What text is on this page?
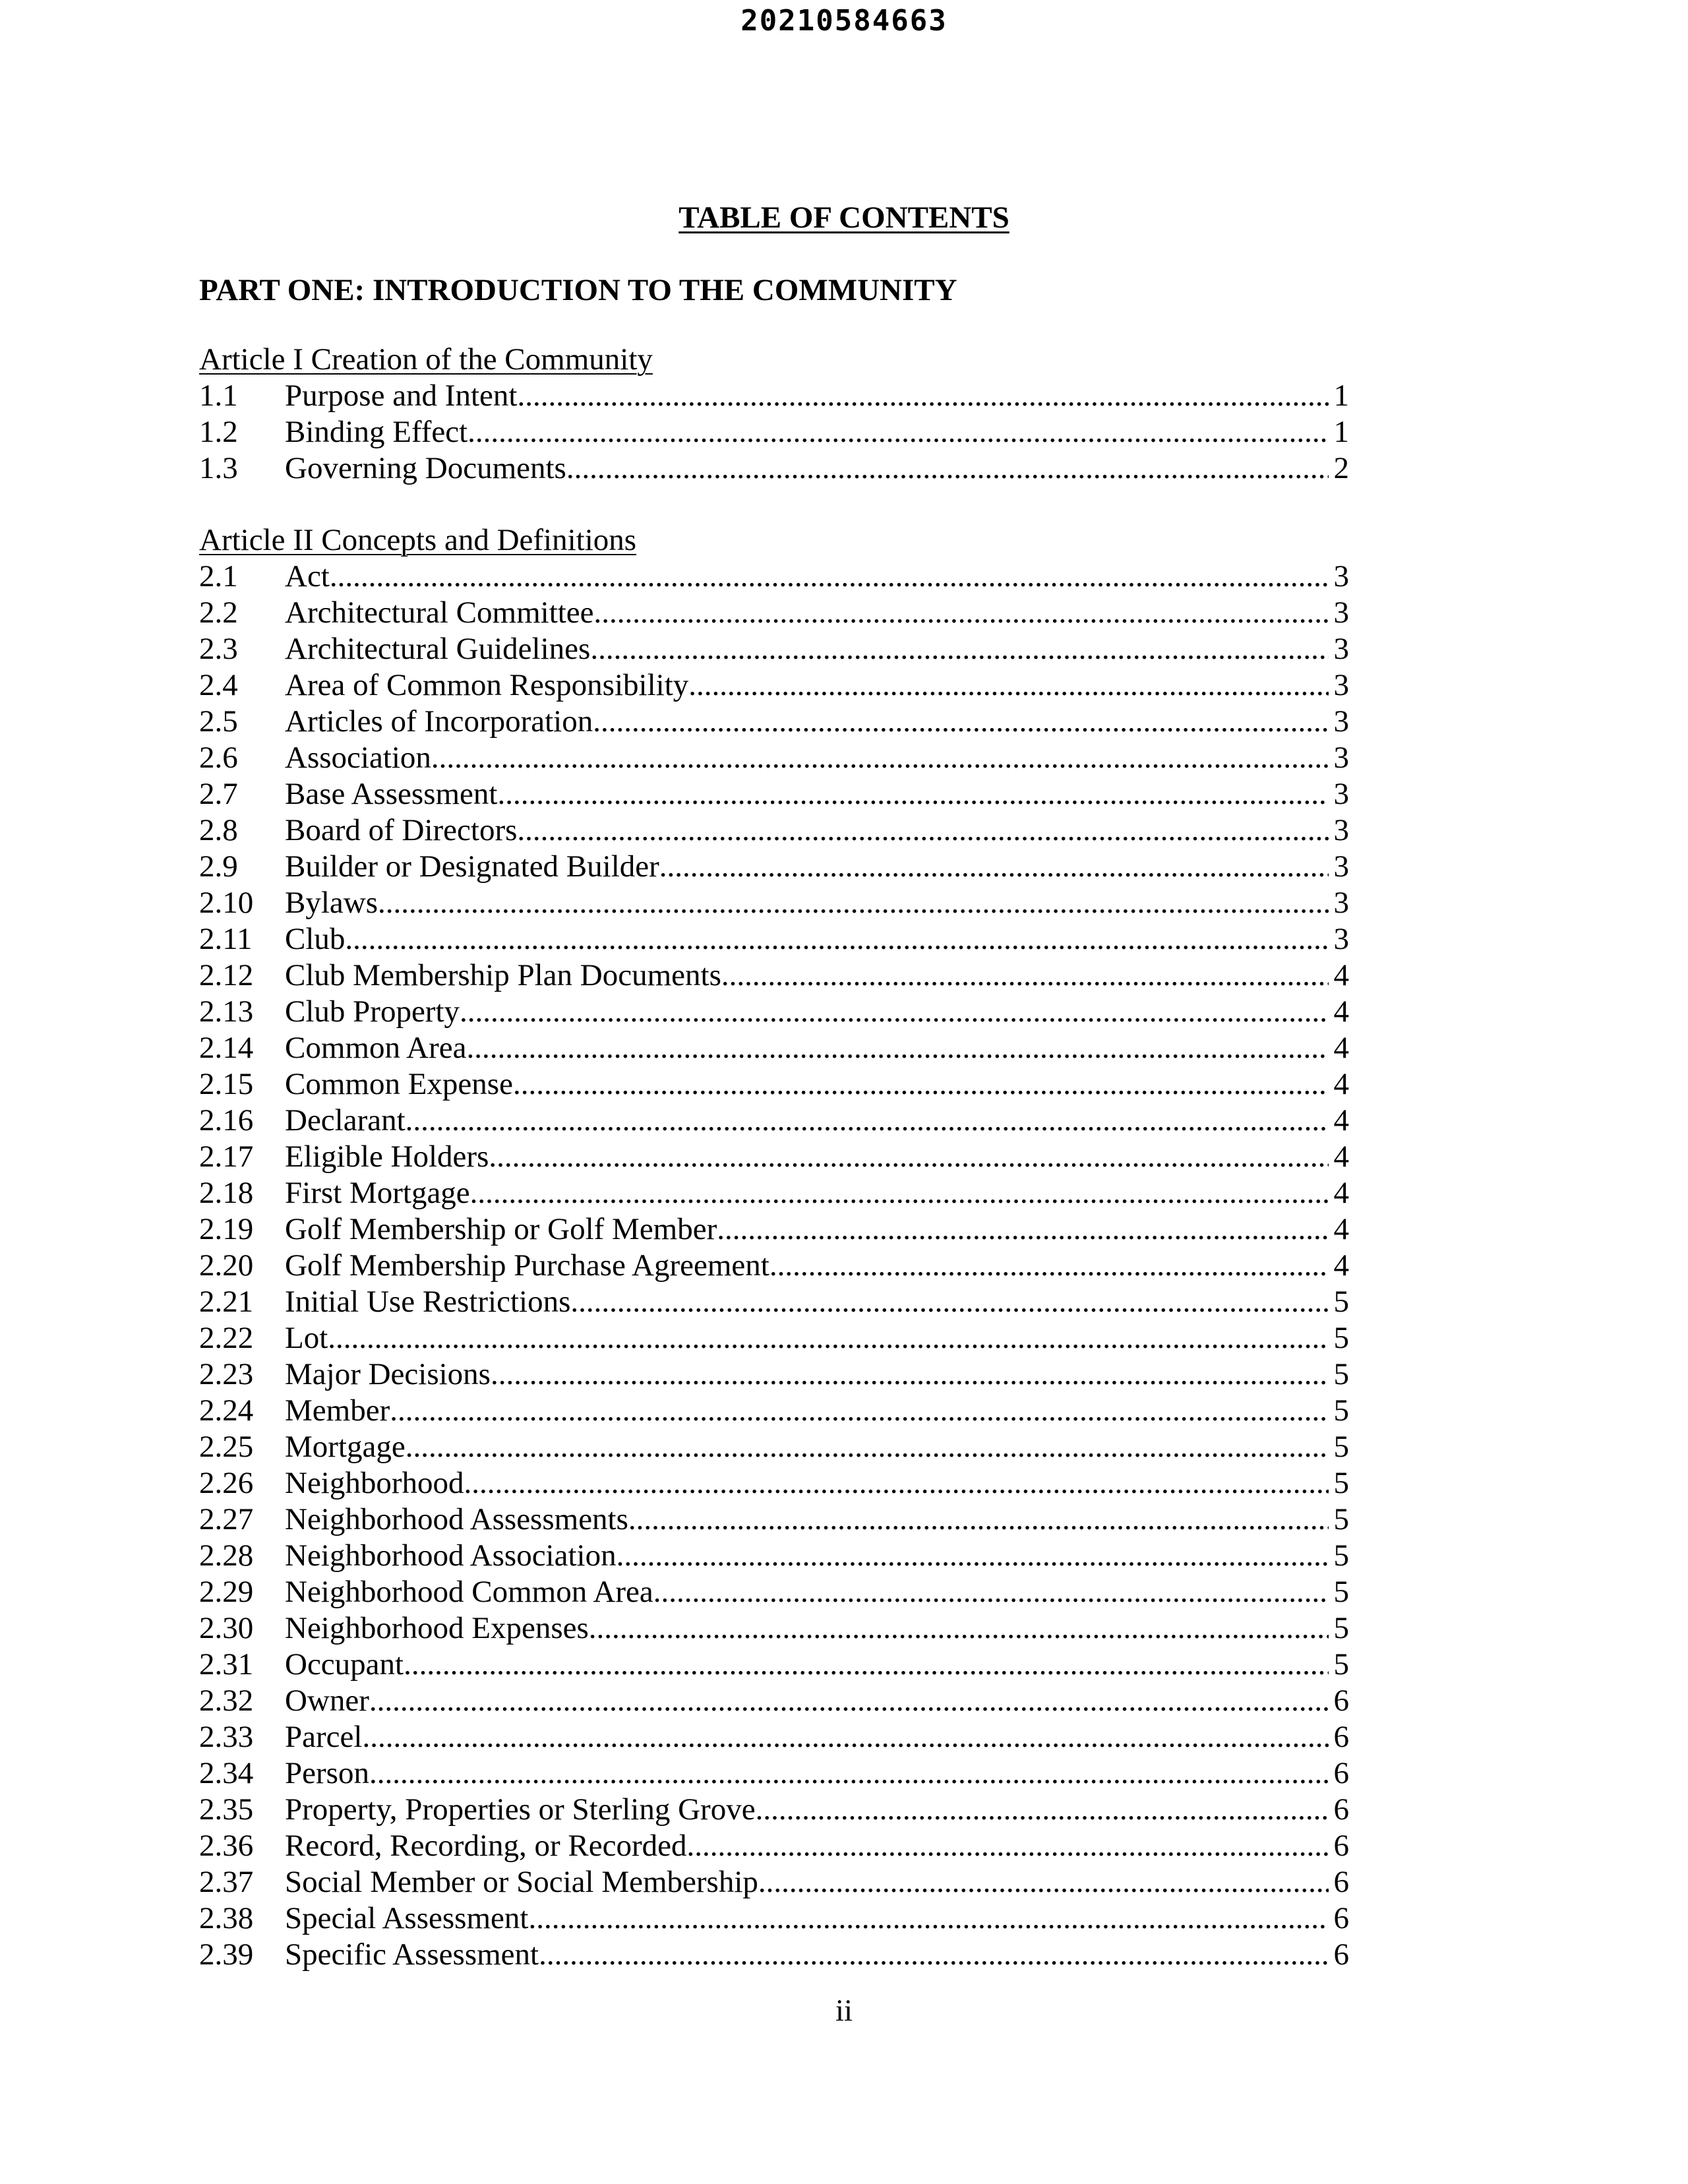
20210584663
TABLE OF CONTENTS
PART ONE: INTRODUCTION TO THE COMMUNITY
Article I Creation of the Community
1.1	Purpose and Intent .....	1
1.2	Binding Effect .....	1
1.3	Governing Documents .....	2
Article II Concepts and Definitions
2.1	Act .....	3
2.2	Architectural Committee .....	3
2.3	Architectural Guidelines .....	3
2.4	Area of Common Responsibility .....	3
2.5	Articles of Incorporation .....	3
2.6	Association .....	3
2.7	Base Assessment .....	3
2.8	Board of Directors .....	3
2.9	Builder or Designated Builder .....	3
2.10	Bylaws .....	3
2.11	Club .....	3
2.12	Club Membership Plan Documents .....	4
2.13	Club Property .....	4
2.14	Common Area .....	4
2.15	Common Expense .....	4
2.16	Declarant .....	4
2.17	Eligible Holders .....	4
2.18	First Mortgage .....	4
2.19	Golf Membership or Golf Member .....	4
2.20	Golf Membership Purchase Agreement .....	4
2.21	Initial Use Restrictions .....	5
2.22	Lot .....	5
2.23	Major Decisions .....	5
2.24	Member .....	5
2.25	Mortgage .....	5
2.26	Neighborhood .....	5
2.27	Neighborhood Assessments .....	5
2.28	Neighborhood Association .....	5
2.29	Neighborhood Common Area .....	5
2.30	Neighborhood Expenses .....	5
2.31	Occupant .....	5
2.32	Owner .....	6
2.33	Parcel .....	6
2.34	Person .....	6
2.35	Property, Properties or Sterling Grove .....	6
2.36	Record, Recording, or Recorded .....	6
2.37	Social Member or Social Membership .....	6
2.38	Special Assessment .....	6
2.39	Specific Assessment .....	6
ii
